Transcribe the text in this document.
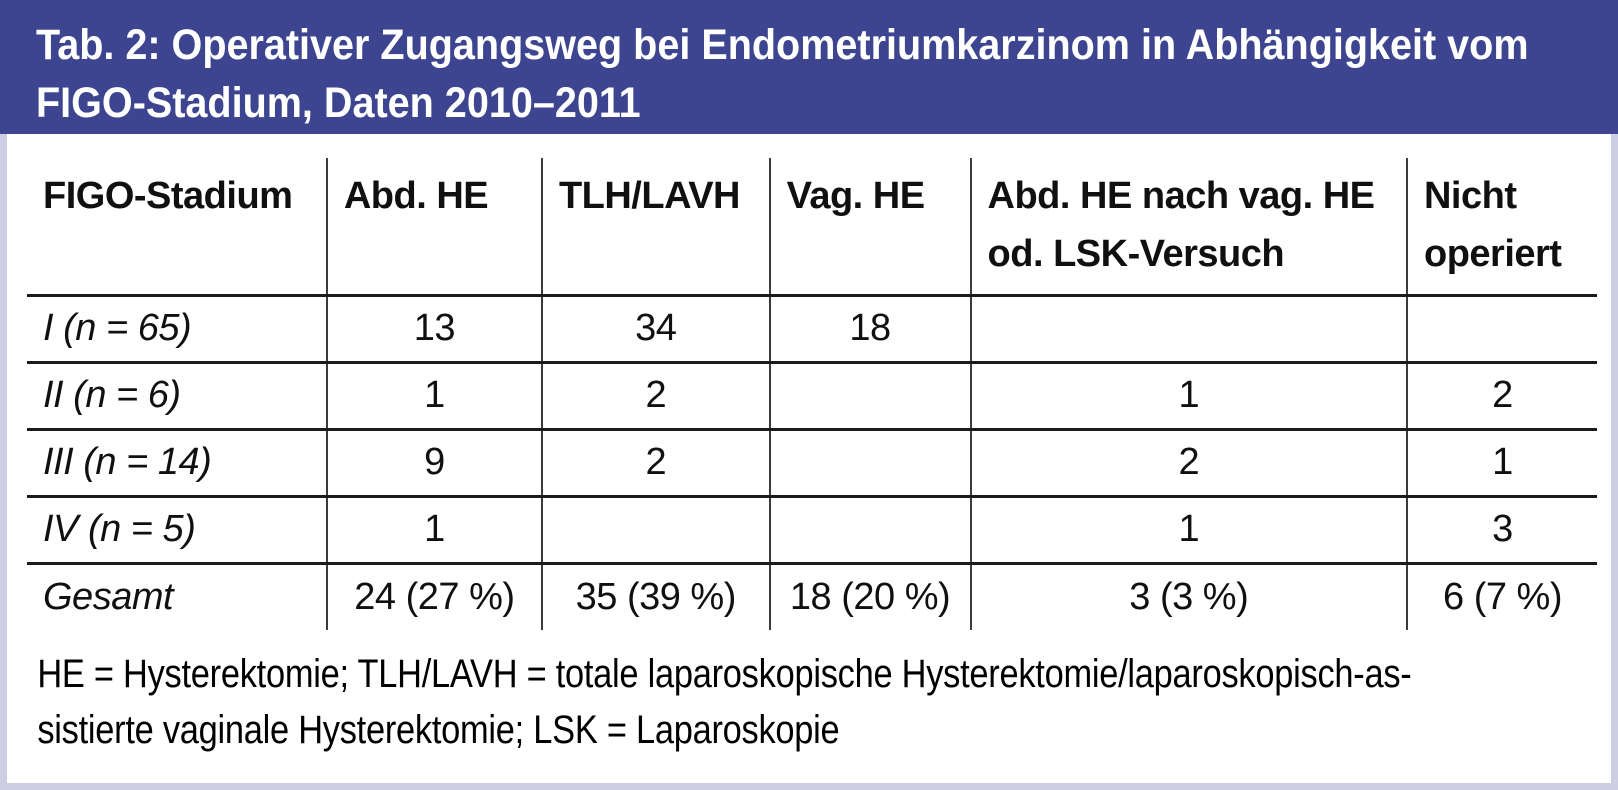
Tab. 2: Operativer Zugangsweg bei Endometriumkarzinom in Abhängigkeit vom
FIGO-Stadium, Daten 2010–2011
FIGO-Stadium	Abd. HE	TLH/LAVH	Vag. HE	Abd. HE nach vag. HE od. LSK-Versuch	Nicht operiert
I (n = 65)	13	34	18		
II (n = 6)	1	2		1	2
III (n = 14)	9	2		2	1
IV (n = 5)	1			1	3
Gesamt	24 (27 %)	35 (39 %)	18 (20 %)	3 (3 %)	6 (7 %)
HE = Hysterektomie; TLH/LAVH = totale laparoskopische Hysterektomie/laparoskopisch-as-
sistierte vaginale Hysterektomie; LSK = Laparoskopie
